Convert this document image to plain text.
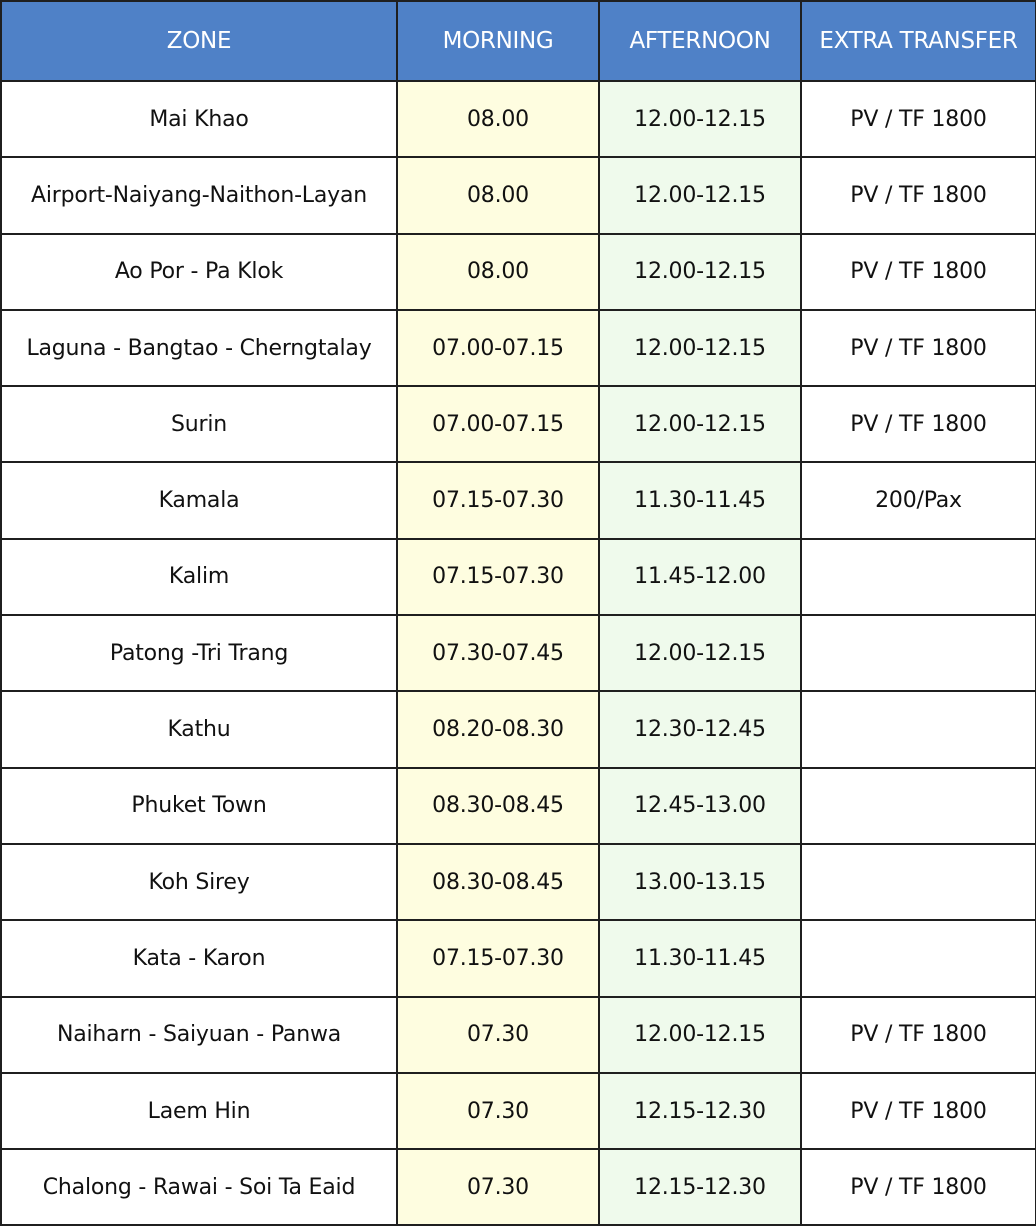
ZONE	MORNING	AFTERNOON	EXTRA TRANSFER
Mai Khao	08.00	12.00-12.15	PV / TF 1800
Airport-Naiyang-Naithon-Layan	08.00	12.00-12.15	PV / TF 1800
Ao Por - Pa Klok	08.00	12.00-12.15	PV / TF 1800
Laguna - Bangtao - Cherngtalay	07.00-07.15	12.00-12.15	PV / TF 1800
Surin	07.00-07.15	12.00-12.15	PV / TF 1800
Kamala	07.15-07.30	11.30-11.45	200/Pax
Kalim	07.15-07.30	11.45-12.00	
Patong -Tri Trang	07.30-07.45	12.00-12.15	
Kathu	08.20-08.30	12.30-12.45	
Phuket Town	08.30-08.45	12.45-13.00	
Koh Sirey	08.30-08.45	13.00-13.15	
Kata - Karon	07.15-07.30	11.30-11.45	
Naiharn - Saiyuan - Panwa	07.30	12.00-12.15	PV / TF 1800
Laem Hin	07.30	12.15-12.30	PV / TF 1800
Chalong - Rawai - Soi Ta Eaid	07.30	12.15-12.30	PV / TF 1800
